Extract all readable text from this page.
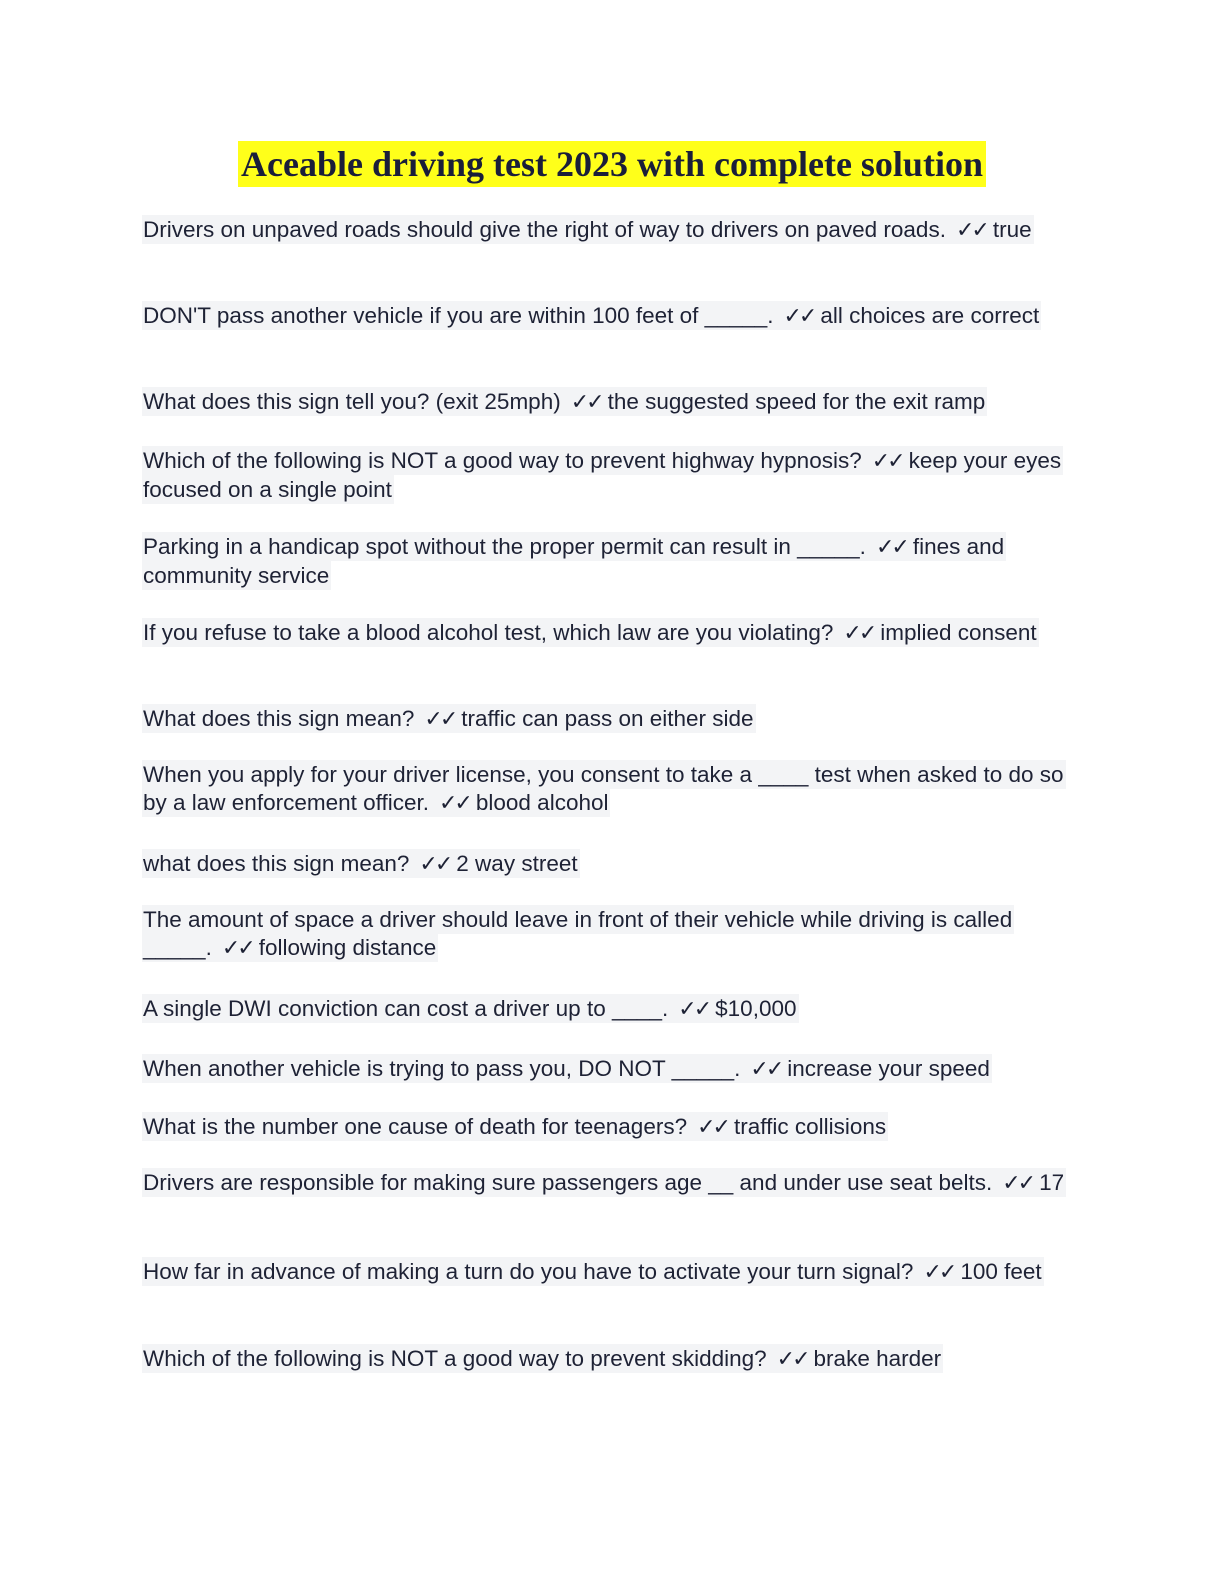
Aceable driving test 2023 with complete solution

Drivers on unpaved roads should give the right of way to drivers on paved roads. ✓✓ true

DON'T pass another vehicle if you are within 100 feet of _____. ✓✓ all choices are correct

What does this sign tell you? (exit 25mph) ✓✓ the suggested speed for the exit ramp

Which of the following is NOT a good way to prevent highway hypnosis? ✓✓ keep your eyes focused on a single point

Parking in a handicap spot without the proper permit can result in _____. ✓✓ fines and community service

If you refuse to take a blood alcohol test, which law are you violating? ✓✓ implied consent

What does this sign mean? ✓✓ traffic can pass on either side

When you apply for your driver license, you consent to take a ____ test when asked to do so by a law enforcement officer. ✓✓ blood alcohol

what does this sign mean? ✓✓ 2 way street

The amount of space a driver should leave in front of their vehicle while driving is called _____. ✓✓ following distance

A single DWI conviction can cost a driver up to ____. ✓✓ $10,000

When another vehicle is trying to pass you, DO NOT _____. ✓✓ increase your speed

What is the number one cause of death for teenagers? ✓✓ traffic collisions

Drivers are responsible for making sure passengers age __ and under use seat belts. ✓✓ 17

How far in advance of making a turn do you have to activate your turn signal? ✓✓ 100 feet

Which of the following is NOT a good way to prevent skidding? ✓✓ brake harder
